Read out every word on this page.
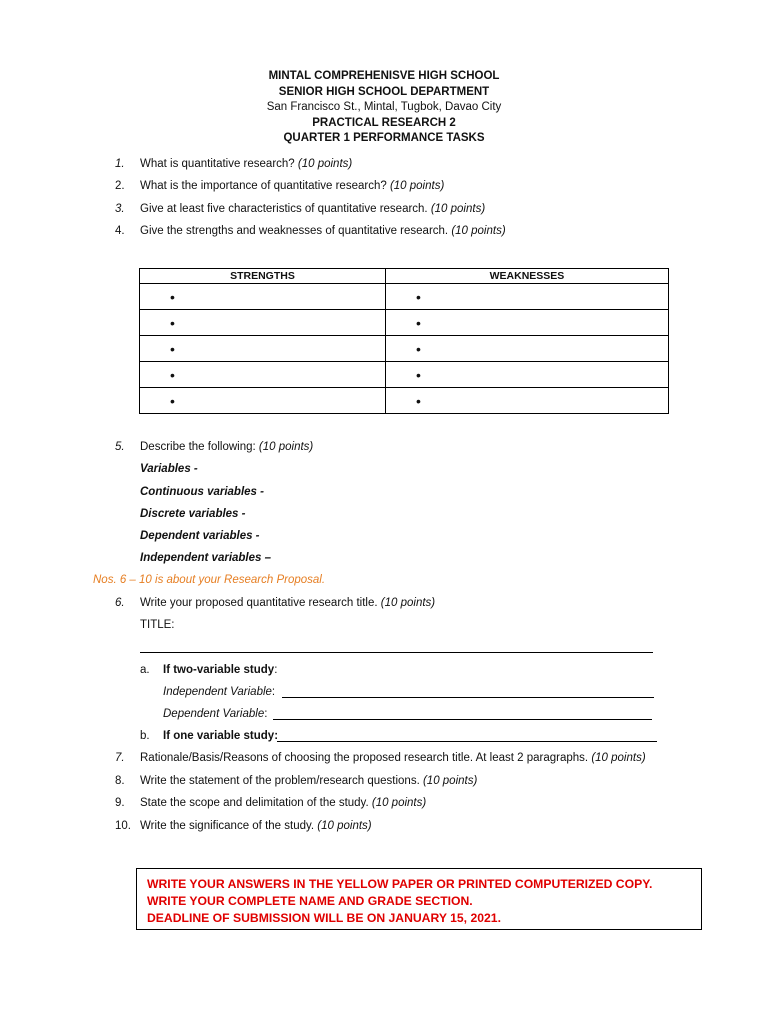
MINTAL COMPREHENISVE HIGH SCHOOL
SENIOR HIGH SCHOOL DEPARTMENT
San Francisco St., Mintal, Tugbok, Davao City
PRACTICAL RESEARCH 2
QUARTER 1 PERFORMANCE TASKS
1. What is quantitative research? (10 points)
2. What is the importance of quantitative research? (10 points)
3. Give at least five characteristics of quantitative research. (10 points)
4. Give the strengths and weaknesses of quantitative research. (10 points)
STRENGTHS	WEAKNESSES
•	•
•	•
•	•
•	•
•	•
5. Describe the following: (10 points)
Variables -
Continuous variables -
Discrete variables -
Dependent variables -
Independent variables –
Nos. 6 – 10 is about your Research Proposal.
6. Write your proposed quantitative research title. (10 points)
TITLE:
a. If two-variable study:
Independent Variable:
Dependent Variable:
b. If one variable study:
7. Rationale/Basis/Reasons of choosing the proposed research title. At least 2 paragraphs. (10 points)
8. Write the statement of the problem/research questions. (10 points)
9. State the scope and delimitation of the study. (10 points)
10. Write the significance of the study. (10 points)
WRITE YOUR ANSWERS IN THE YELLOW PAPER OR PRINTED COMPUTERIZED COPY.
WRITE YOUR COMPLETE NAME AND GRADE SECTION.
DEADLINE OF SUBMISSION WILL BE ON JANUARY 15, 2021.
